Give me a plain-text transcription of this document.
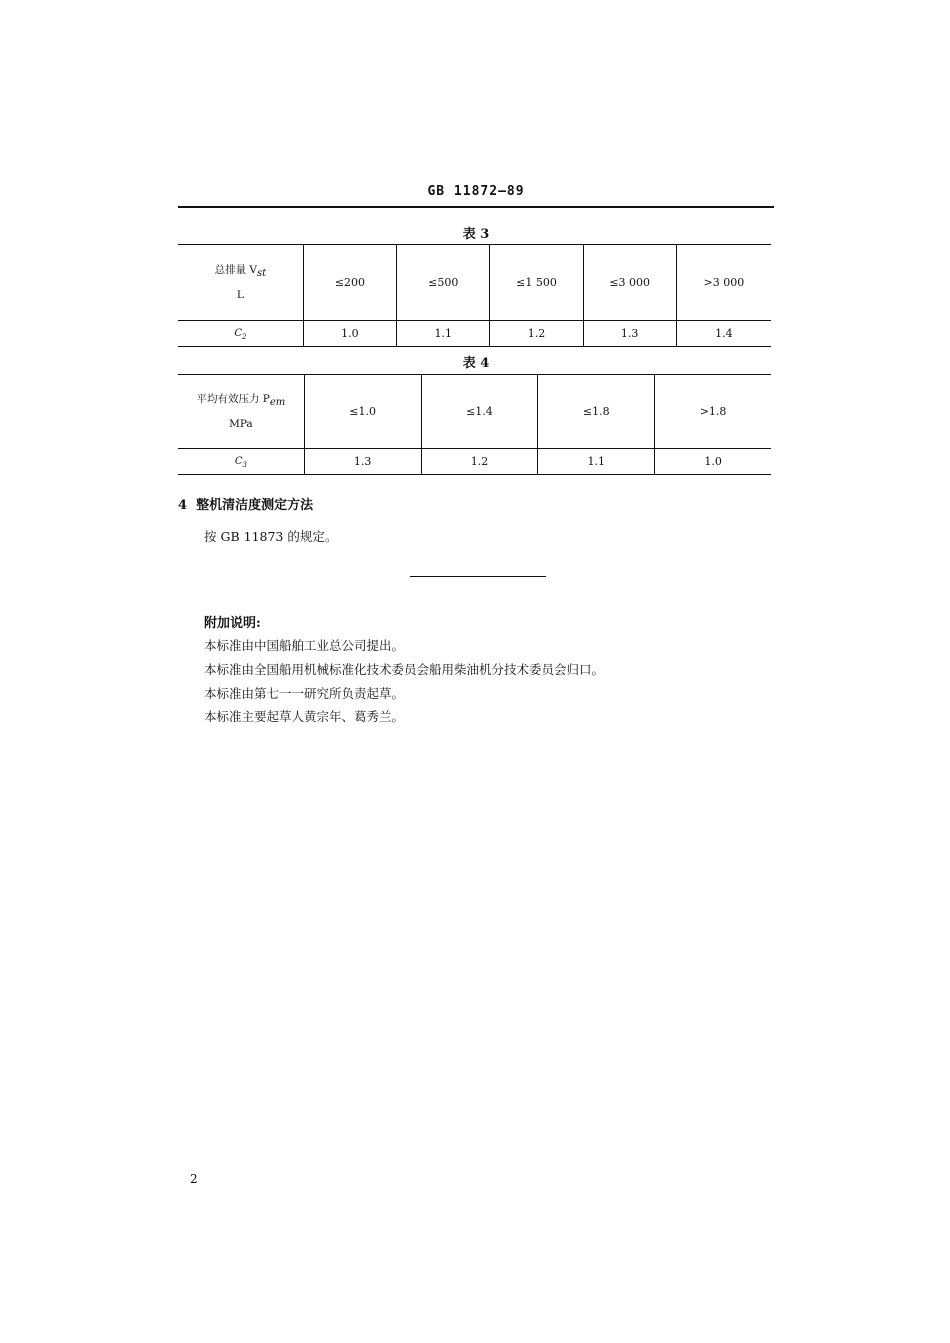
GB 11872—89
表 3
总排量 $V_{st}$
L	≤200	≤500	≤1 500	≤3 000	>3 000
$C_2$	1.0	1.1	1.2	1.3	1.4
表 4
平均有效压力 $P_{em}$
MPa	≤1.0	≤1.4	≤1.8	>1.8
$C_3$	1.3	1.2	1.1	1.0
4  整机清洁度测定方法
按 GB 11873 的规定。
附加说明:
本标准由中国船舶工业总公司提出。
本标准由全国船用机械标准化技术委员会船用柴油机分技术委员会归口。
本标准由第七一一研究所负责起草。
本标准主要起草人黄宗年、葛秀兰。
2
